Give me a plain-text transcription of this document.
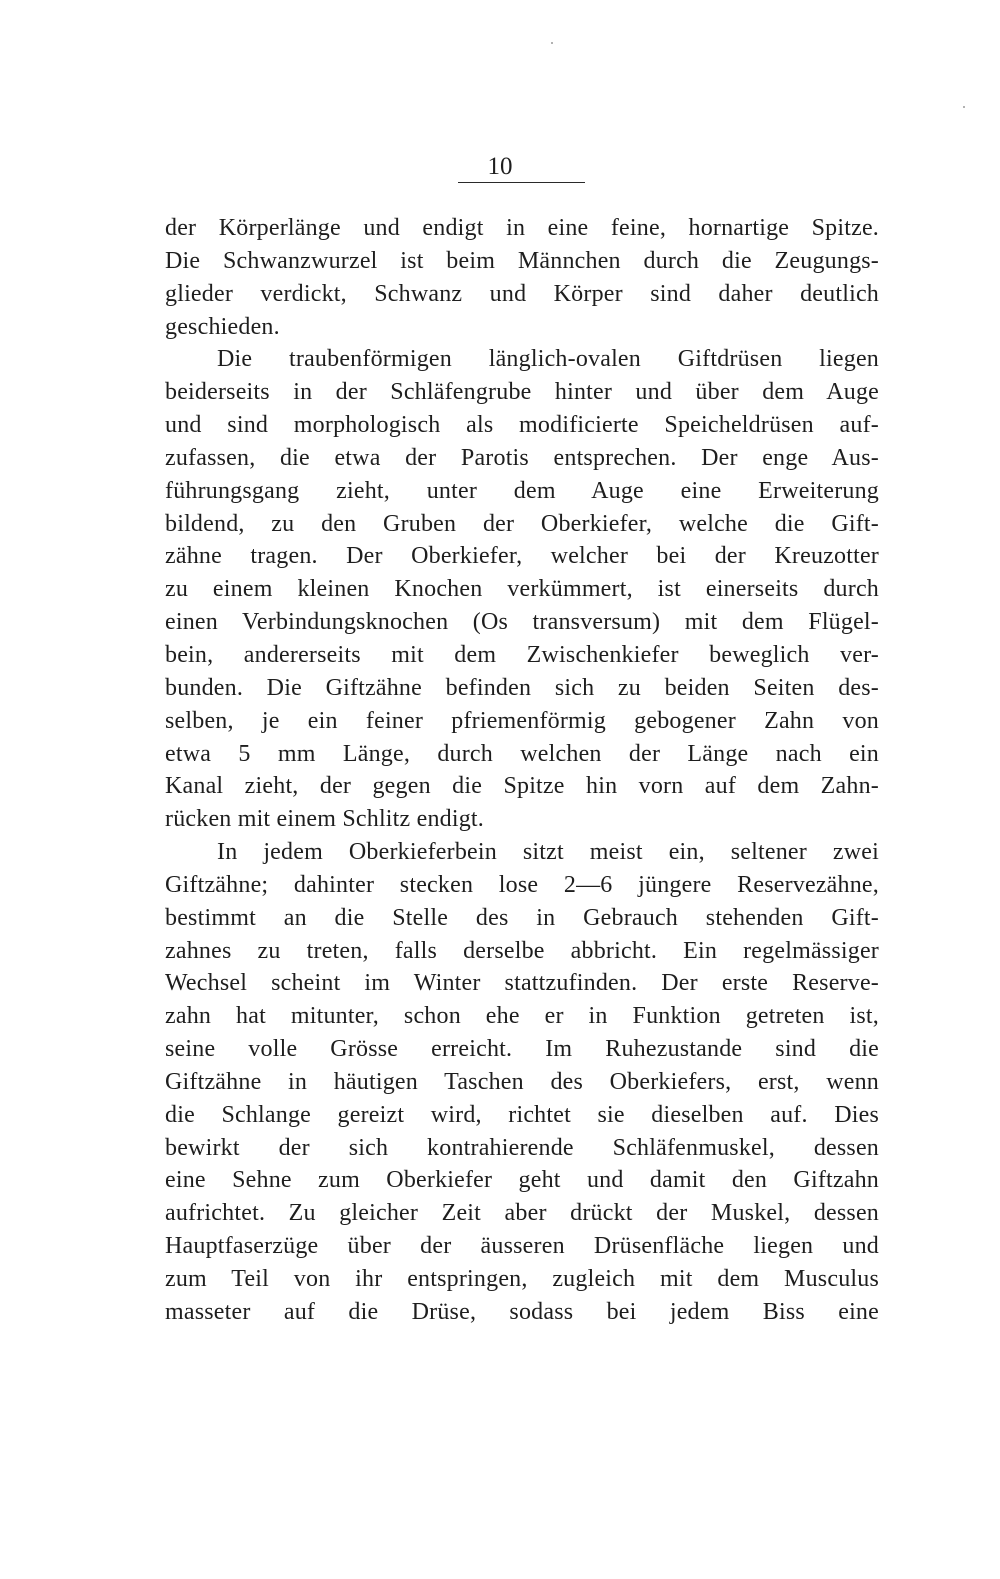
10
der Körperlänge und endigt in eine feine, hornartige Spitze.
Die Schwanzwurzel ist beim Männchen durch die Zeugungs-
glieder verdickt, Schwanz und Körper sind daher deutlich
geschieden.
Die traubenförmigen länglich-ovalen Giftdrüsen liegen
beiderseits in der Schläfengrube hinter und über dem Auge
und sind morphologisch als modificierte Speicheldrüsen auf-
zufassen, die etwa der Parotis entsprechen. Der enge Aus-
führungsgang zieht, unter dem Auge eine Erweiterung
bildend, zu den Gruben der Oberkiefer, welche die Gift-
zähne tragen. Der Oberkiefer, welcher bei der Kreuzotter
zu einem kleinen Knochen verkümmert, ist einerseits durch
einen Verbindungsknochen (Os transversum) mit dem Flügel-
bein, andererseits mit dem Zwischenkiefer beweglich ver-
bunden. Die Giftzähne befinden sich zu beiden Seiten des-
selben, je ein feiner pfriemenförmig gebogener Zahn von
etwa 5 mm Länge, durch welchen der Länge nach ein
Kanal zieht, der gegen die Spitze hin vorn auf dem Zahn-
rücken mit einem Schlitz endigt.
In jedem Oberkieferbein sitzt meist ein, seltener zwei
Giftzähne; dahinter stecken lose 2—6 jüngere Reservezähne,
bestimmt an die Stelle des in Gebrauch stehenden Gift-
zahnes zu treten, falls derselbe abbricht. Ein regelmässiger
Wechsel scheint im Winter stattzufinden. Der erste Reserve-
zahn hat mitunter, schon ehe er in Funktion getreten ist,
seine volle Grösse erreicht. Im Ruhezustande sind die
Giftzähne in häutigen Taschen des Oberkiefers, erst, wenn
die Schlange gereizt wird, richtet sie dieselben auf. Dies
bewirkt der sich kontrahierende Schläfenmuskel, dessen
eine Sehne zum Oberkiefer geht und damit den Giftzahn
aufrichtet. Zu gleicher Zeit aber drückt der Muskel, dessen
Hauptfaserzüge über der äusseren Drüsenfläche liegen und
zum Teil von ihr entspringen, zugleich mit dem Musculus
masseter auf die Drüse, sodass bei jedem Biss eine
